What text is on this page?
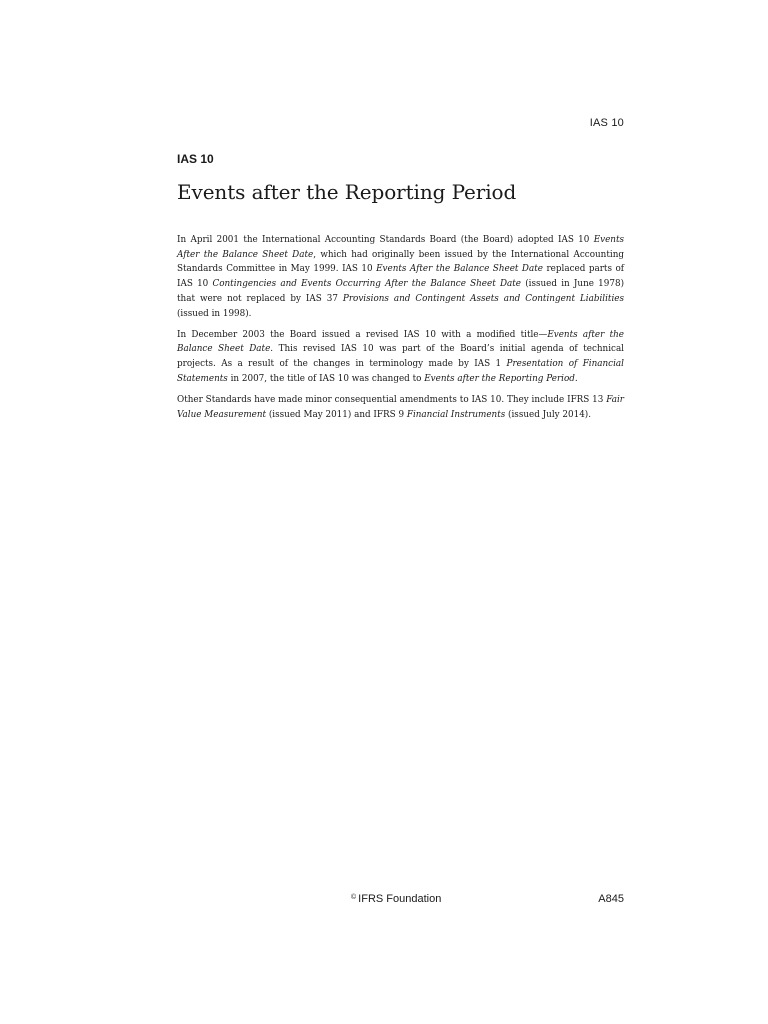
IAS 10
IAS 10
Events after the Reporting Period

In April 2001 the International Accounting Standards Board (the Board) adopted IAS 10 Events After the Balance Sheet Date, which had originally been issued by the International Accounting Standards Committee in May 1999. IAS 10 Events After the Balance Sheet Date replaced parts of IAS 10 Contingencies and Events Occurring After the Balance Sheet Date (issued in June 1978) that were not replaced by IAS 37 Provisions and Contingent Assets and Contingent Liabilities (issued in 1998).

In December 2003 the Board issued a revised IAS 10 with a modified title—Events after the Balance Sheet Date. This revised IAS 10 was part of the Board’s initial agenda of technical projects. As a result of the changes in terminology made by IAS 1 Presentation of Financial Statements in 2007, the title of IAS 10 was changed to Events after the Reporting Period.

Other Standards have made minor consequential amendments to IAS 10. They include IFRS 13 Fair Value Measurement (issued May 2011) and IFRS 9 Financial Instruments (issued July 2014).

© IFRS Foundation	A845
